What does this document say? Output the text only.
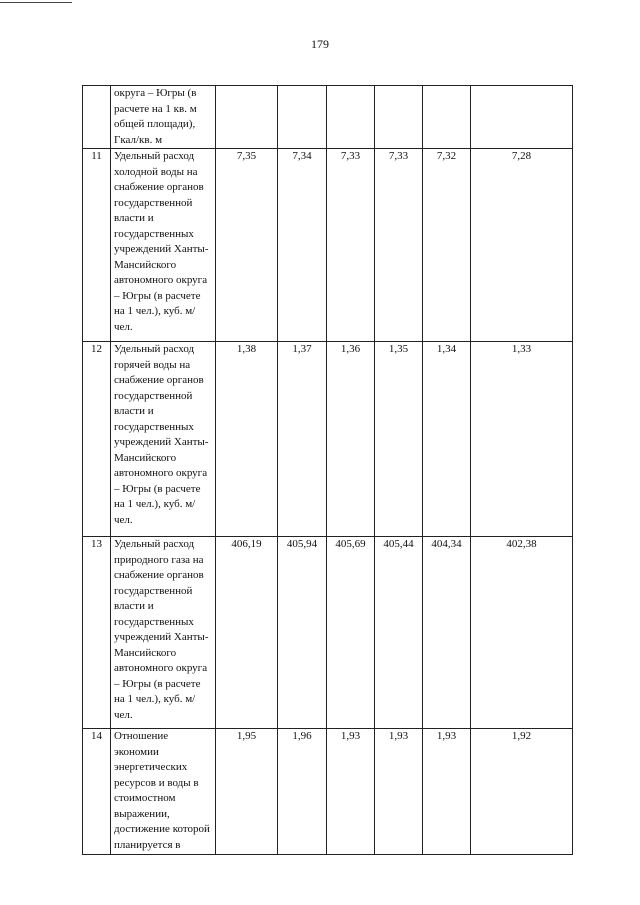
179
	округа – Югры (в расчете на 1 кв. м общей площади), Гкал/кв. м						
11	Удельный расход холодной воды на снабжение органов государственной власти и государственных учреждений Ханты-Мансийского автономного округа – Югры (в расчете на 1 чел.), куб. м/чел.	7,35	7,34	7,33	7,33	7,32	7,28
12	Удельный расход горячей воды на снабжение органов государственной власти и государственных учреждений Ханты-Мансийского автономного округа – Югры (в расчете на 1 чел.), куб. м/чел.	1,38	1,37	1,36	1,35	1,34	1,33
13	Удельный расход природного газа на снабжение органов государственной власти и государственных учреждений Ханты-Мансийского автономного округа – Югры (в расчете на 1 чел.), куб. м/чел.	406,19	405,94	405,69	405,44	404,34	402,38
14	Отношение экономии энергетических ресурсов и воды в стоимостном выражении, достижение которой планируется в	1,95	1,96	1,93	1,93	1,93	1,92
